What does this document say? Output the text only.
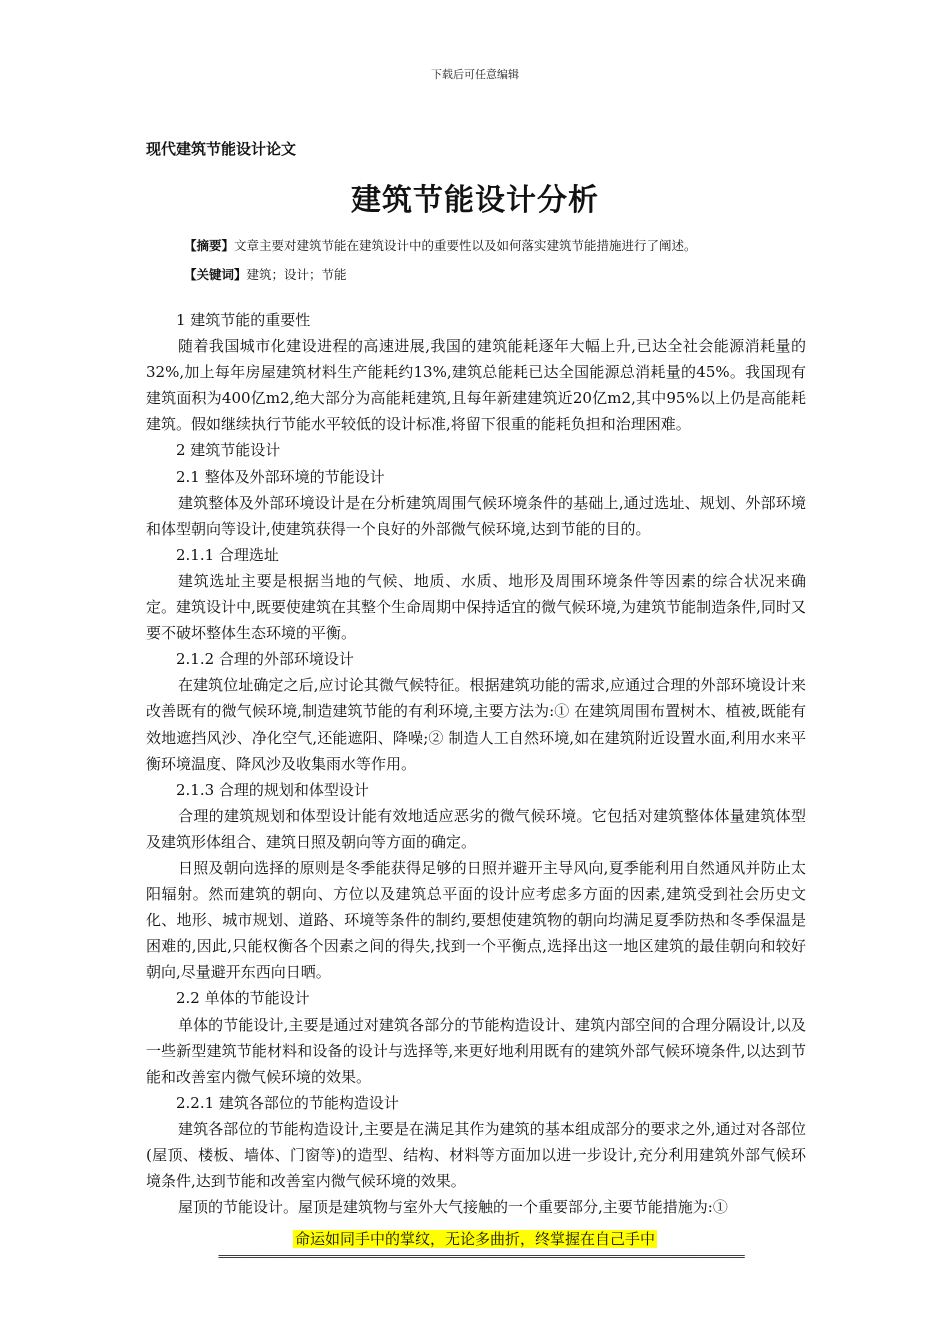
下载后可任意编辑
现代建筑节能设计论文
建筑节能设计分析
【摘要】文章主要对建筑节能在建筑设计中的重要性以及如何落实建筑节能措施进行了阐述。
【关键词】建筑；设计；节能

1 建筑节能的重要性

随着我国城市化建设进程的高速进展,我国的建筑能耗逐年大幅上升,已达全社会能源消耗量的32%,加上每年房屋建筑材料生产能耗约13%,建筑总能耗已达全国能源总消耗量的45%。我国现有建筑面积为400亿m2,绝大部分为高能耗建筑,且每年新建建筑近20亿m2,其中95%以上仍是高能耗建筑。假如继续执行节能水平较低的设计标准,将留下很重的能耗负担和治理困难。

2 建筑节能设计

2.1 整体及外部环境的节能设计

建筑整体及外部环境设计是在分析建筑周围气候环境条件的基础上,通过选址、规划、外部环境和体型朝向等设计,使建筑获得一个良好的外部微气候环境,达到节能的目的。

2.1.1 合理选址

建筑选址主要是根据当地的气候、地质、水质、地形及周围环境条件等因素的综合状况来确定。建筑设计中,既要使建筑在其整个生命周期中保持适宜的微气候环境,为建筑节能制造条件,同时又要不破坏整体生态环境的平衡。

2.1.2 合理的外部环境设计

在建筑位址确定之后,应讨论其微气候特征。根据建筑功能的需求,应通过合理的外部环境设计来改善既有的微气候环境,制造建筑节能的有利环境,主要方法为:① 在建筑周围布置树木、植被,既能有效地遮挡风沙、净化空气,还能遮阳、降噪;② 制造人工自然环境,如在建筑附近设置水面,利用水来平衡环境温度、降风沙及收集雨水等作用。

2.1.3 合理的规划和体型设计

合理的建筑规划和体型设计能有效地适应恶劣的微气候环境。它包括对建筑整体体量建筑体型及建筑形体组合、建筑日照及朝向等方面的确定。

日照及朝向选择的原则是冬季能获得足够的日照并避开主导风向,夏季能利用自然通风并防止太阳辐射。然而建筑的朝向、方位以及建筑总平面的设计应考虑多方面的因素,建筑受到社会历史文化、地形、城市规划、道路、环境等条件的制约,要想使建筑物的朝向均满足夏季防热和冬季保温是困难的,因此,只能权衡各个因素之间的得失,找到一个平衡点,选择出这一地区建筑的最佳朝向和较好朝向,尽量避开东西向日晒。

2.2 单体的节能设计

单体的节能设计,主要是通过对建筑各部分的节能构造设计、建筑内部空间的合理分隔设计,以及一些新型建筑节能材料和设备的设计与选择等,来更好地利用既有的建筑外部气候环境条件,以达到节能和改善室内微气候环境的效果。

2.2.1 建筑各部位的节能构造设计

建筑各部位的节能构造设计,主要是在满足其作为建筑的基本组成部分的要求之外,通过对各部位(屋顶、楼板、墙体、门窗等)的造型、结构、材料等方面加以进一步设计,充分利用建筑外部气候环境条件,达到节能和改善室内微气候环境的效果。

屋顶的节能设计。屋顶是建筑物与室外大气接触的一个重要部分,主要节能措施为:①

命运如同手中的掌纹，无论多曲折，终掌握在自己手中
=================================================================================================
